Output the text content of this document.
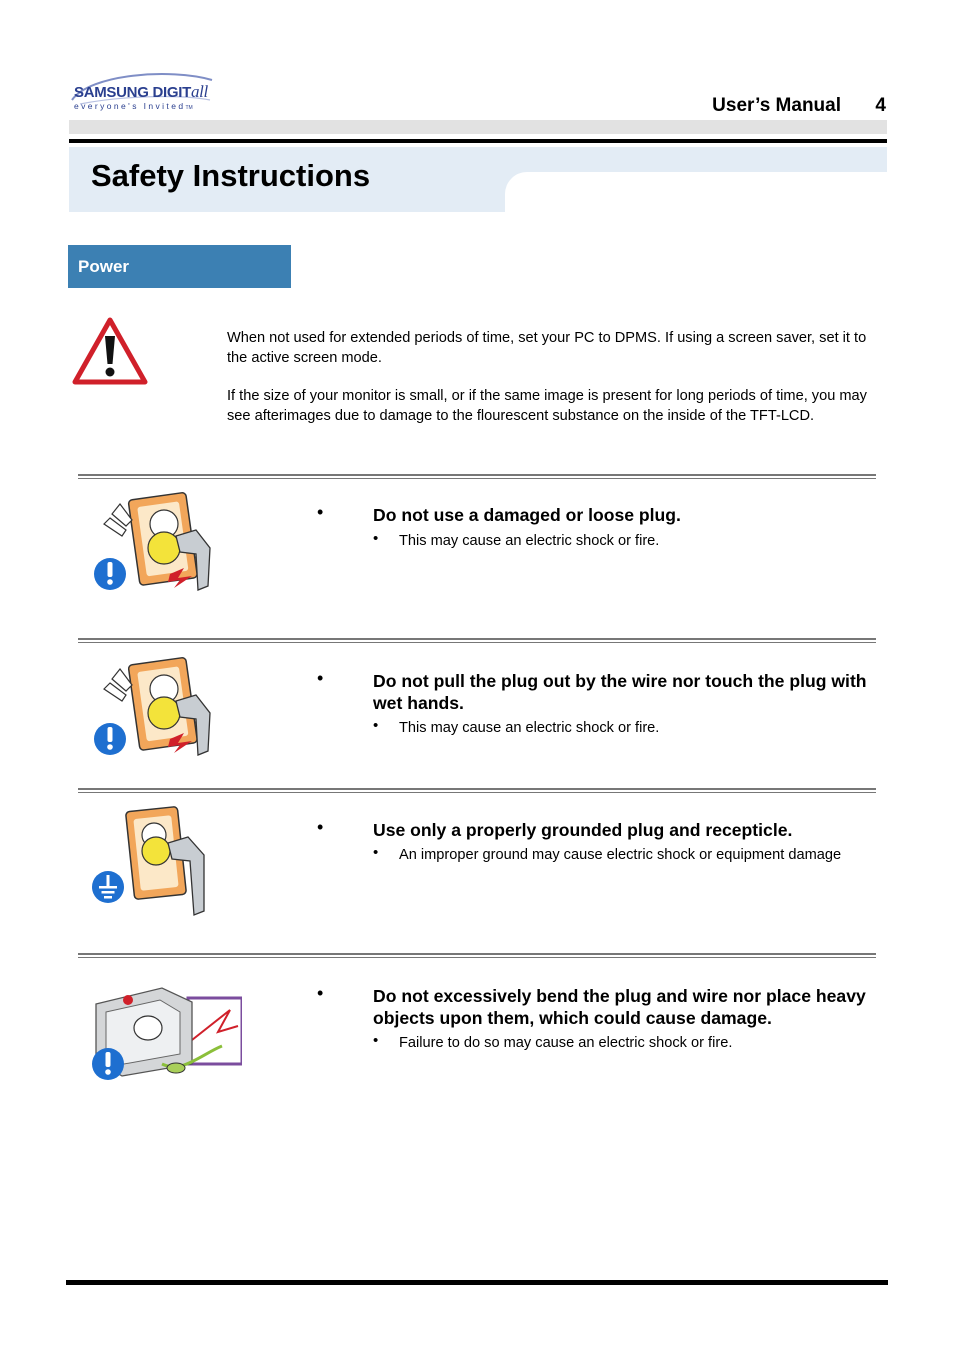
SAMSUNG DIGITall
everyone's InvitedTM	User’s Manual 4
Safety Instructions
Power
When not used for extended periods of time, set your PC to DPMS. If using a screen saver, set it to the active screen mode.
If the size of your monitor is small, or if the same image is present for long periods of time, you may see afterimages due to damage to the flourescent substance on the inside of the TFT-LCD.
•	Do not use a damaged or loose plug.
• This may cause an electric shock or fire.
•	Do not pull the plug out by the wire nor touch the plug with wet hands.
• This may cause an electric shock or fire.
•	Use only a properly grounded plug and recepticle.
• An improper ground may cause electric shock or equipment damage
•	Do not excessively bend the plug and wire nor place heavy objects upon them, which could cause damage.
• Failure to do so may cause an electric shock or fire.
